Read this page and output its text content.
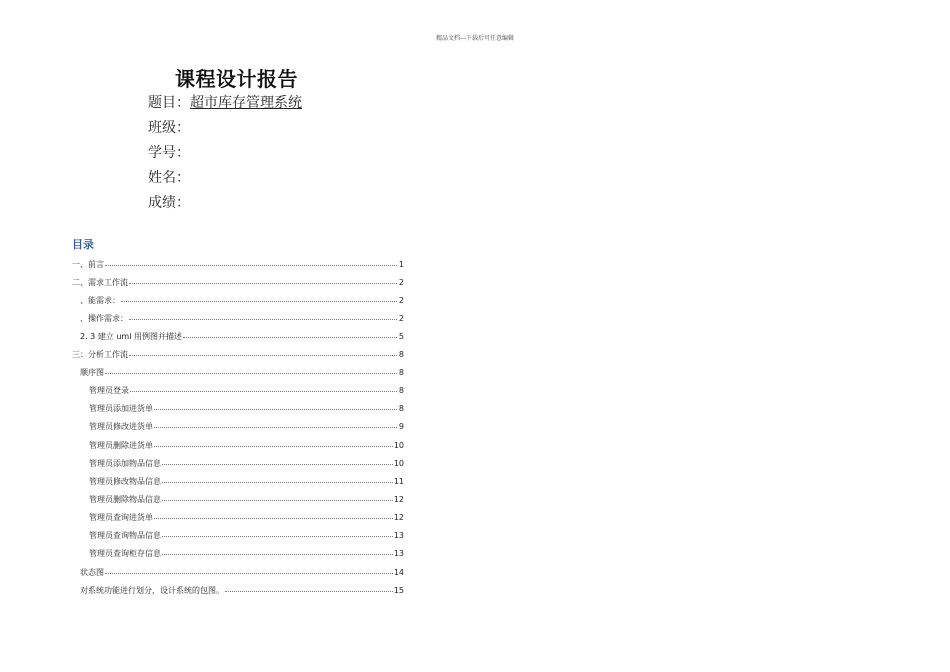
精品文档---下载后可任意编辑
课程设计报告
题目：超市库存管理系统
班级：
学号：
姓名：
成绩：
目录
一、前言	1
二、需求工作流	2
、能需求：	2
、操作需求：	2
2. 3 建立 uml 用例图并描述	5
三：分析工作流	8
顺序图	8
管理员登录	8
管理员添加进货单	8
管理员修改进货单	9
管理员删除进货单	10
管理员添加物品信息	10
管理员修改物品信息	11
管理员删除物品信息	12
管理员查询进货单	12
管理员查询物品信息	13
管理员查询柜存信息	13
状态图	14
对系统功能进行划分，设计系统的包图。	15
